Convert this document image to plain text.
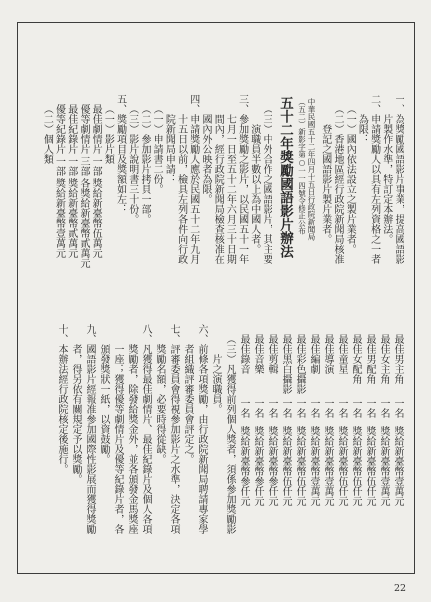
一、為獎勵國語影片事業，提高國語影片製作水準，特訂定本辦法。
二、申請獎勵人以具有左列資格之一者為限：
（一）國內依法設立之製片業者。
（二）香港地區經行政院新聞局核准登記之國語影片製片業者。
中華民國五十二年四月十五日行政院新聞局
（五二）新影字第○一一四號令修正公布
五十二年獎勵國語影片辦法
（三）中外合作之國語影片，其主要演職員半數以上為中國人者。
三、參加獎勵之影片，以民國五十一年七月一日至五十二年六月三十日期間內，經行政院新聞局檢查核准在國內外公映者為限。
四、申請獎勵人應於民國五十二年九月十五日以前，檢具左列各件向行政院新聞局申請：
（一）申請書二份。
（二）參加影片拷貝一部。
（三）影片說明書三十份。
五、獎勵項目及獎額如左：
（一）影片類
最佳劇情片
一部
獎給新臺幣伍萬元
優等劇情片
三部
各獎給新臺幣貳萬元
最佳紀錄片
一部
獎給新臺幣貳萬元
優等紀錄片
一部
獎給新臺幣壹萬元
（二）個人類
最佳男主角
一名
獎給新臺幣壹萬元
最佳女主角
一名
獎給新臺幣壹萬元
最佳男配角
一名
獎給新臺幣伍仟元
最佳女配角
一名
獎給新臺幣伍仟元
最佳童星
一名
獎給新臺幣伍仟元
最佳導演
一名
獎給新臺幣壹萬元
最佳編劇
一名
獎給新臺幣壹萬元
最佳彩色攝影
一名
獎給新臺幣伍仟元
最佳黑白攝影
一名
獎給新臺幣伍仟元
最佳剪輯
一名
獎給新臺幣參仟元
最佳音樂
一名
獎給新臺幣參仟元
最佳錄音
一名
獎給新臺幣參仟元
（三）凡獲得前列個人獎者，須係參加獎勵影片之演職員。
六、前條各項獎勵，由行政院新聞局聘請專家學者組織評審委員會評定之。
七、評審委員會得視參加影片之水準，決定各項獎勵名額，必要時得從缺。
八、凡獲得最佳劇情片、最佳紀錄片及個人各項獎勵者，除發給獎金外，並各頒發金馬獎座一座；獲得優等劇情片及優等紀錄片者，各頒發獎狀一紙，以資鼓勵。
九、國語影片經報准參加國際性影展而獲得獎勵者，得另依有關規定予以獎勵。
十、本辦法經行政院核定後施行。
22
